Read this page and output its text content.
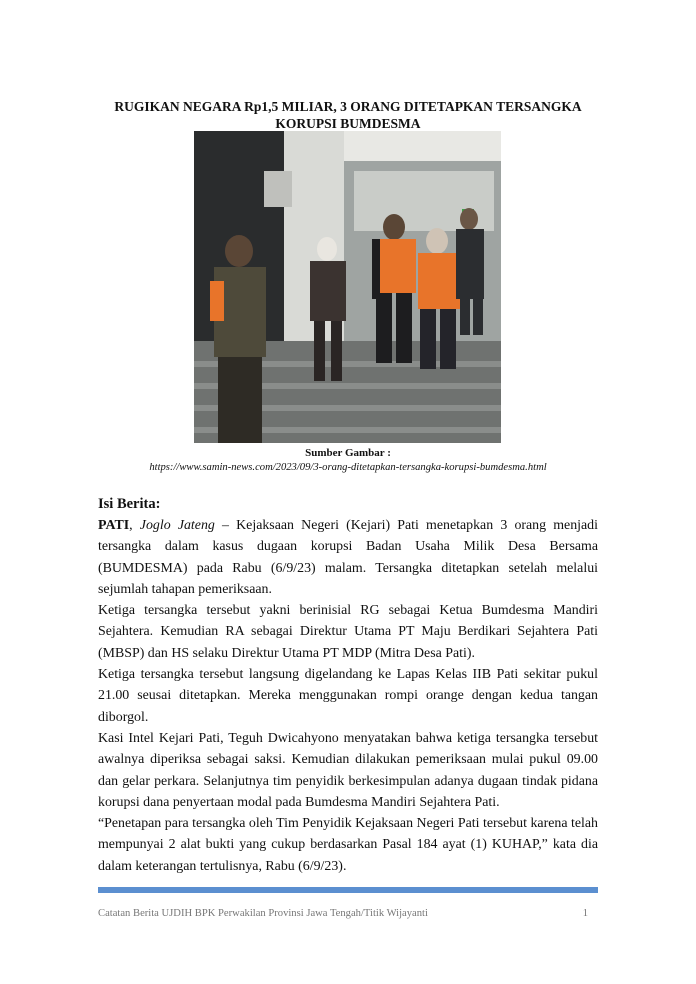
RUGIKAN NEGARA Rp1,5 MILIAR, 3 ORANG DITETAPKAN TERSANGKA
KORUPSI BUMDESMA
Sumber Gambar :
https://www.samin-news.com/2023/09/3-orang-ditetapkan-tersangka-korupsi-bumdesma.html
Isi Berita:

PATI, Joglo Jateng – Kejaksaan Negeri (Kejari) Pati menetapkan 3 orang menjadi tersangka dalam kasus dugaan korupsi Badan Usaha Milik Desa Bersama (BUMDESMA) pada Rabu (6/9/23) malam. Tersangka ditetapkan setelah melalui sejumlah tahapan pemeriksaan.

Ketiga tersangka tersebut yakni berinisial RG sebagai Ketua Bumdesma Mandiri Sejahtera. Kemudian RA sebagai Direktur Utama PT Maju Berdikari Sejahtera Pati (MBSP) dan HS selaku Direktur Utama PT MDP (Mitra Desa Pati).

Ketiga tersangka tersebut langsung digelandang ke Lapas Kelas IIB Pati sekitar pukul 21.00 seusai ditetapkan. Mereka menggunakan rompi orange dengan kedua tangan diborgol.

Kasi Intel Kejari Pati, Teguh Dwicahyono menyatakan bahwa ketiga tersangka tersebut awalnya diperiksa sebagai saksi. Kemudian dilakukan pemeriksaan mulai pukul 09.00 dan gelar perkara. Selanjutnya tim penyidik berkesimpulan adanya dugaan tindak pidana korupsi dana penyertaan modal pada Bumdesma Mandiri Sejahtera Pati.

“Penetapan para tersangka oleh Tim Penyidik Kejaksaan Negeri Pati tersebut karena telah mempunyai 2 alat bukti yang cukup berdasarkan Pasal 184 ayat (1) KUHAP,” kata dia dalam keterangan tertulisnya, Rabu (6/9/23).

Catatan Berita UJDIH BPK Perwakilan Provinsi Jawa Tengah/Titik Wijayanti	1
